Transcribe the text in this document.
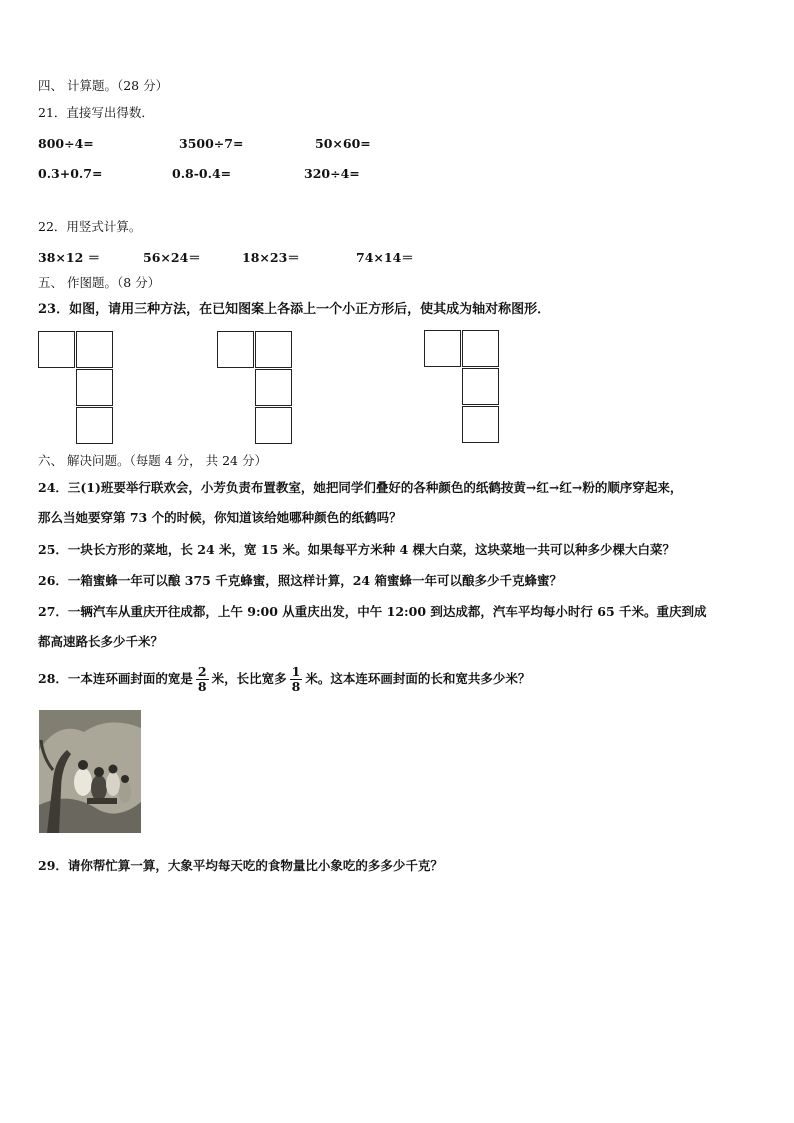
四、 计算题。（28 分）
21．直接写出得数．
800÷4=	3500÷7=	50×60=
0.3+0.7=	0.8-0.4=	320÷4=
22．用竖式计算。
38×12 ＝	56×24＝	18×23＝	74×14＝
五、 作图题。（8 分）
23．如图，请用三种方法，在已知图案上各添上一个小正方形后，使其成为轴对称图形．
六、 解决问题。（每题 4 分， 共 24 分）
24．三(1)班要举行联欢会，小芳负责布置教室，她把同学们叠好的各种颜色的纸鹤按黄→红→红→粉的顺序穿起来，
那么当她要穿第 73 个的时候，你知道该给她哪种颜色的纸鹤吗？
25．一块长方形的菜地，长 24 米，宽 15 米。如果每平方米种 4 棵大白菜，这块菜地一共可以种多少棵大白菜？
26．一箱蜜蜂一年可以酿 375 千克蜂蜜，照这样计算，24 箱蜜蜂一年可以酿多少千克蜂蜜？
27．一辆汽车从重庆开往成都，上午 9:00 从重庆出发，中午 12:00 到达成都，汽车平均每小时行 65 千米。重庆到成
都高速路长多少千米？
28．一本连环画封面的宽是 $\frac{2}{8}$ 米，长比宽多 $\frac{1}{8}$ 米。这本连环画封面的长和宽共多少米？
29．请你帮忙算一算，大象平均每天吃的食物量比小象吃的多多少千克？
